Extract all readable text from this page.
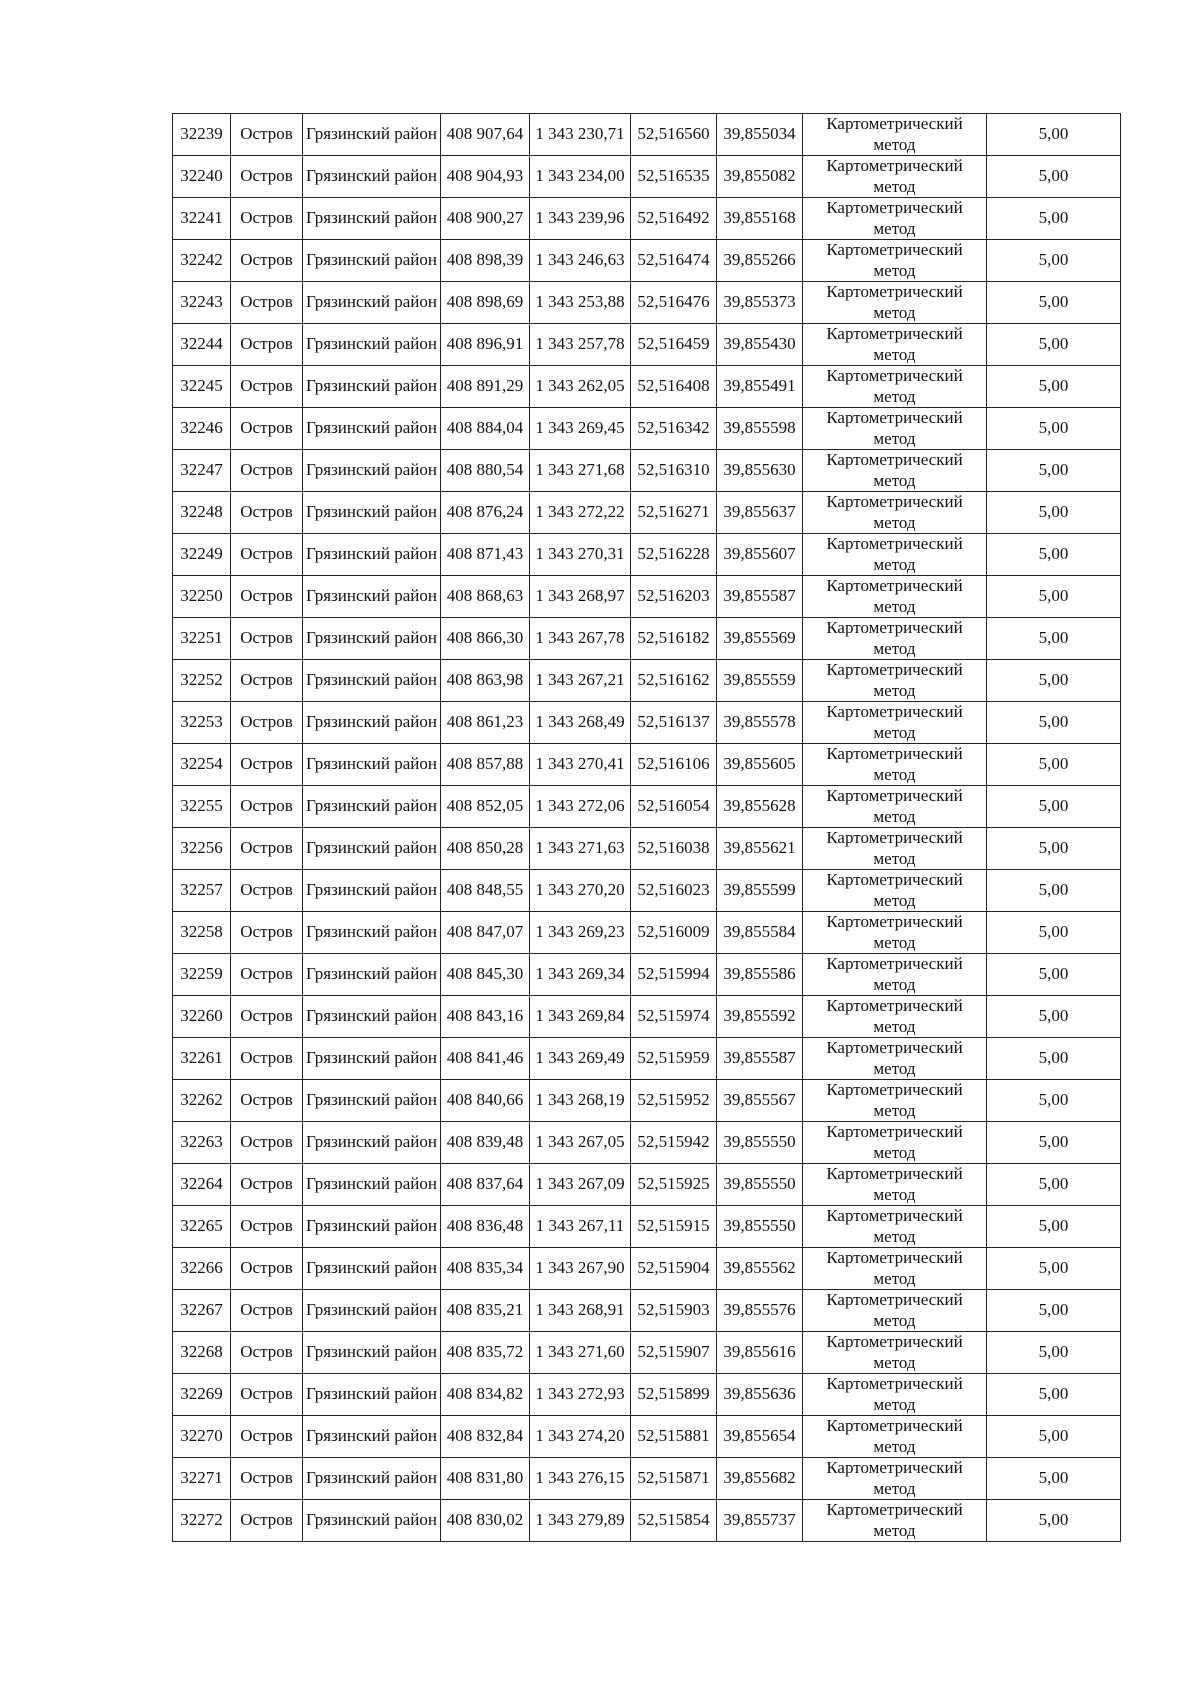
32239	Остров	Грязинский район	408 907,64	1 343 230,71	52,516560	39,855034	Картометрический метод	5,00

32240	Остров	Грязинский район	408 904,93	1 343 234,00	52,516535	39,855082	Картометрический метод	5,00

32241	Остров	Грязинский район	408 900,27	1 343 239,96	52,516492	39,855168	Картометрический метод	5,00

32242	Остров	Грязинский район	408 898,39	1 343 246,63	52,516474	39,855266	Картометрический метод	5,00

32243	Остров	Грязинский район	408 898,69	1 343 253,88	52,516476	39,855373	Картометрический метод	5,00

32244	Остров	Грязинский район	408 896,91	1 343 257,78	52,516459	39,855430	Картометрический метод	5,00

32245	Остров	Грязинский район	408 891,29	1 343 262,05	52,516408	39,855491	Картометрический метод	5,00

32246	Остров	Грязинский район	408 884,04	1 343 269,45	52,516342	39,855598	Картометрический метод	5,00

32247	Остров	Грязинский район	408 880,54	1 343 271,68	52,516310	39,855630	Картометрический метод	5,00

32248	Остров	Грязинский район	408 876,24	1 343 272,22	52,516271	39,855637	Картометрический метод	5,00

32249	Остров	Грязинский район	408 871,43	1 343 270,31	52,516228	39,855607	Картометрический метод	5,00

32250	Остров	Грязинский район	408 868,63	1 343 268,97	52,516203	39,855587	Картометрический метод	5,00

32251	Остров	Грязинский район	408 866,30	1 343 267,78	52,516182	39,855569	Картометрический метод	5,00

32252	Остров	Грязинский район	408 863,98	1 343 267,21	52,516162	39,855559	Картометрический метод	5,00

32253	Остров	Грязинский район	408 861,23	1 343 268,49	52,516137	39,855578	Картометрический метод	5,00

32254	Остров	Грязинский район	408 857,88	1 343 270,41	52,516106	39,855605	Картометрический метод	5,00

32255	Остров	Грязинский район	408 852,05	1 343 272,06	52,516054	39,855628	Картометрический метод	5,00

32256	Остров	Грязинский район	408 850,28	1 343 271,63	52,516038	39,855621	Картометрический метод	5,00

32257	Остров	Грязинский район	408 848,55	1 343 270,20	52,516023	39,855599	Картометрический метод	5,00

32258	Остров	Грязинский район	408 847,07	1 343 269,23	52,516009	39,855584	Картометрический метод	5,00

32259	Остров	Грязинский район	408 845,30	1 343 269,34	52,515994	39,855586	Картометрический метод	5,00

32260	Остров	Грязинский район	408 843,16	1 343 269,84	52,515974	39,855592	Картометрический метод	5,00

32261	Остров	Грязинский район	408 841,46	1 343 269,49	52,515959	39,855587	Картометрический метод	5,00

32262	Остров	Грязинский район	408 840,66	1 343 268,19	52,515952	39,855567	Картометрический метод	5,00

32263	Остров	Грязинский район	408 839,48	1 343 267,05	52,515942	39,855550	Картометрический метод	5,00

32264	Остров	Грязинский район	408 837,64	1 343 267,09	52,515925	39,855550	Картометрический метод	5,00

32265	Остров	Грязинский район	408 836,48	1 343 267,11	52,515915	39,855550	Картометрический метод	5,00

32266	Остров	Грязинский район	408 835,34	1 343 267,90	52,515904	39,855562	Картометрический метод	5,00

32267	Остров	Грязинский район	408 835,21	1 343 268,91	52,515903	39,855576	Картометрический метод	5,00

32268	Остров	Грязинский район	408 835,72	1 343 271,60	52,515907	39,855616	Картометрический метод	5,00

32269	Остров	Грязинский район	408 834,82	1 343 272,93	52,515899	39,855636	Картометрический метод	5,00

32270	Остров	Грязинский район	408 832,84	1 343 274,20	52,515881	39,855654	Картометрический метод	5,00

32271	Остров	Грязинский район	408 831,80	1 343 276,15	52,515871	39,855682	Картометрический метод	5,00

32272	Остров	Грязинский район	408 830,02	1 343 279,89	52,515854	39,855737	Картометрический метод	5,00
